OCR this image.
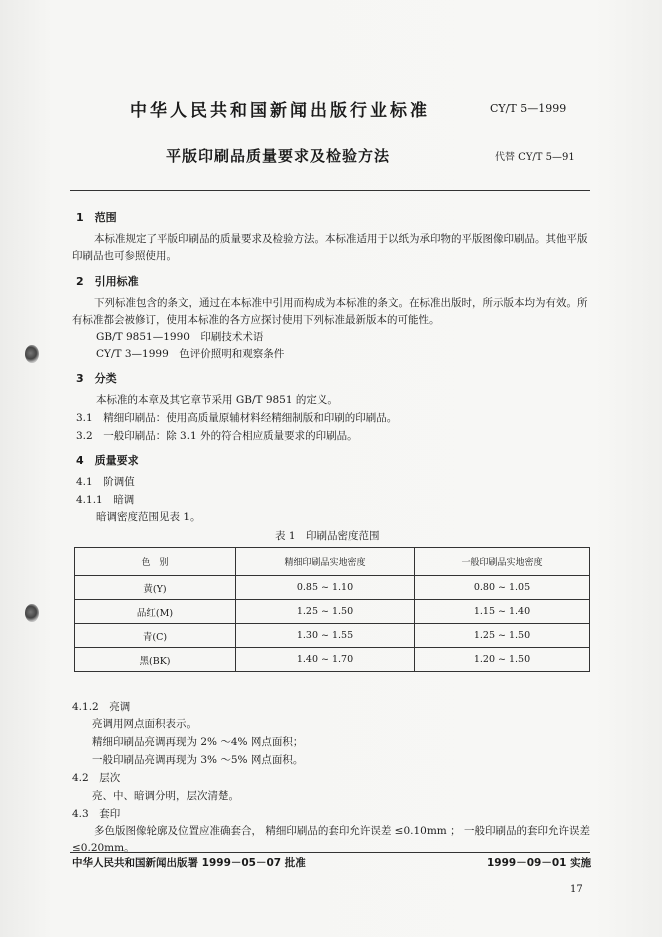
中华人民共和国新闻出版行业标准	CY/T 5—1999
平版印刷品质量要求及检验方法	代替 CY/T 5—91
1　范围
本标准规定了平版印刷品的质量要求及检验方法。本标准适用于以纸为承印物的平版图像印刷品。其他平版印刷品也可参照使用。
2　引用标准
下列标准包含的条文，通过在本标准中引用而构成为本标准的条文。在标准出版时，所示版本均为有效。所有标准都会被修订，使用本标准的各方应探讨使用下列标准最新版本的可能性。
GB/T 9851—1990　印刷技术术语
CY/T 3—1999　色评价照明和观察条件
3　分类
本标准的本章及其它章节采用 GB/T 9851 的定义。
3.1　精细印刷品：使用高质量原辅材料经精细制版和印刷的印刷品。
3.2　一般印刷品：除 3.1 外的符合相应质量要求的印刷品。
4　质量要求
4.1　阶调值
4.1.1　暗调
暗调密度范围见表 1。
表 1　印刷品密度范围
色　别	精细印刷品实地密度	一般印刷品实地密度
黄(Y)	0.85 ~ 1.10	0.80 ~ 1.05
品红(M)	1.25 ~ 1.50	1.15 ~ 1.40
青(C)	1.30 ~ 1.55	1.25 ~ 1.50
黑(BK)	1.40 ~ 1.70	1.20 ~ 1.50
4.1.2　亮调
亮调用网点面积表示。
精细印刷品亮调再现为 2% ～4% 网点面积；
一般印刷品亮调再现为 3% ～5% 网点面积。
4.2　层次
亮、中、暗调分明，层次清楚。
4.3　套印
多色版图像轮廓及位置应准确套合， 精细印刷品的套印允许误差 ≤0.10mm ； 一般印刷品的套印允许误差≤0.20mm。
中华人民共和国新闻出版署 1999－05－07 批准	1999－09－01 实施
17
